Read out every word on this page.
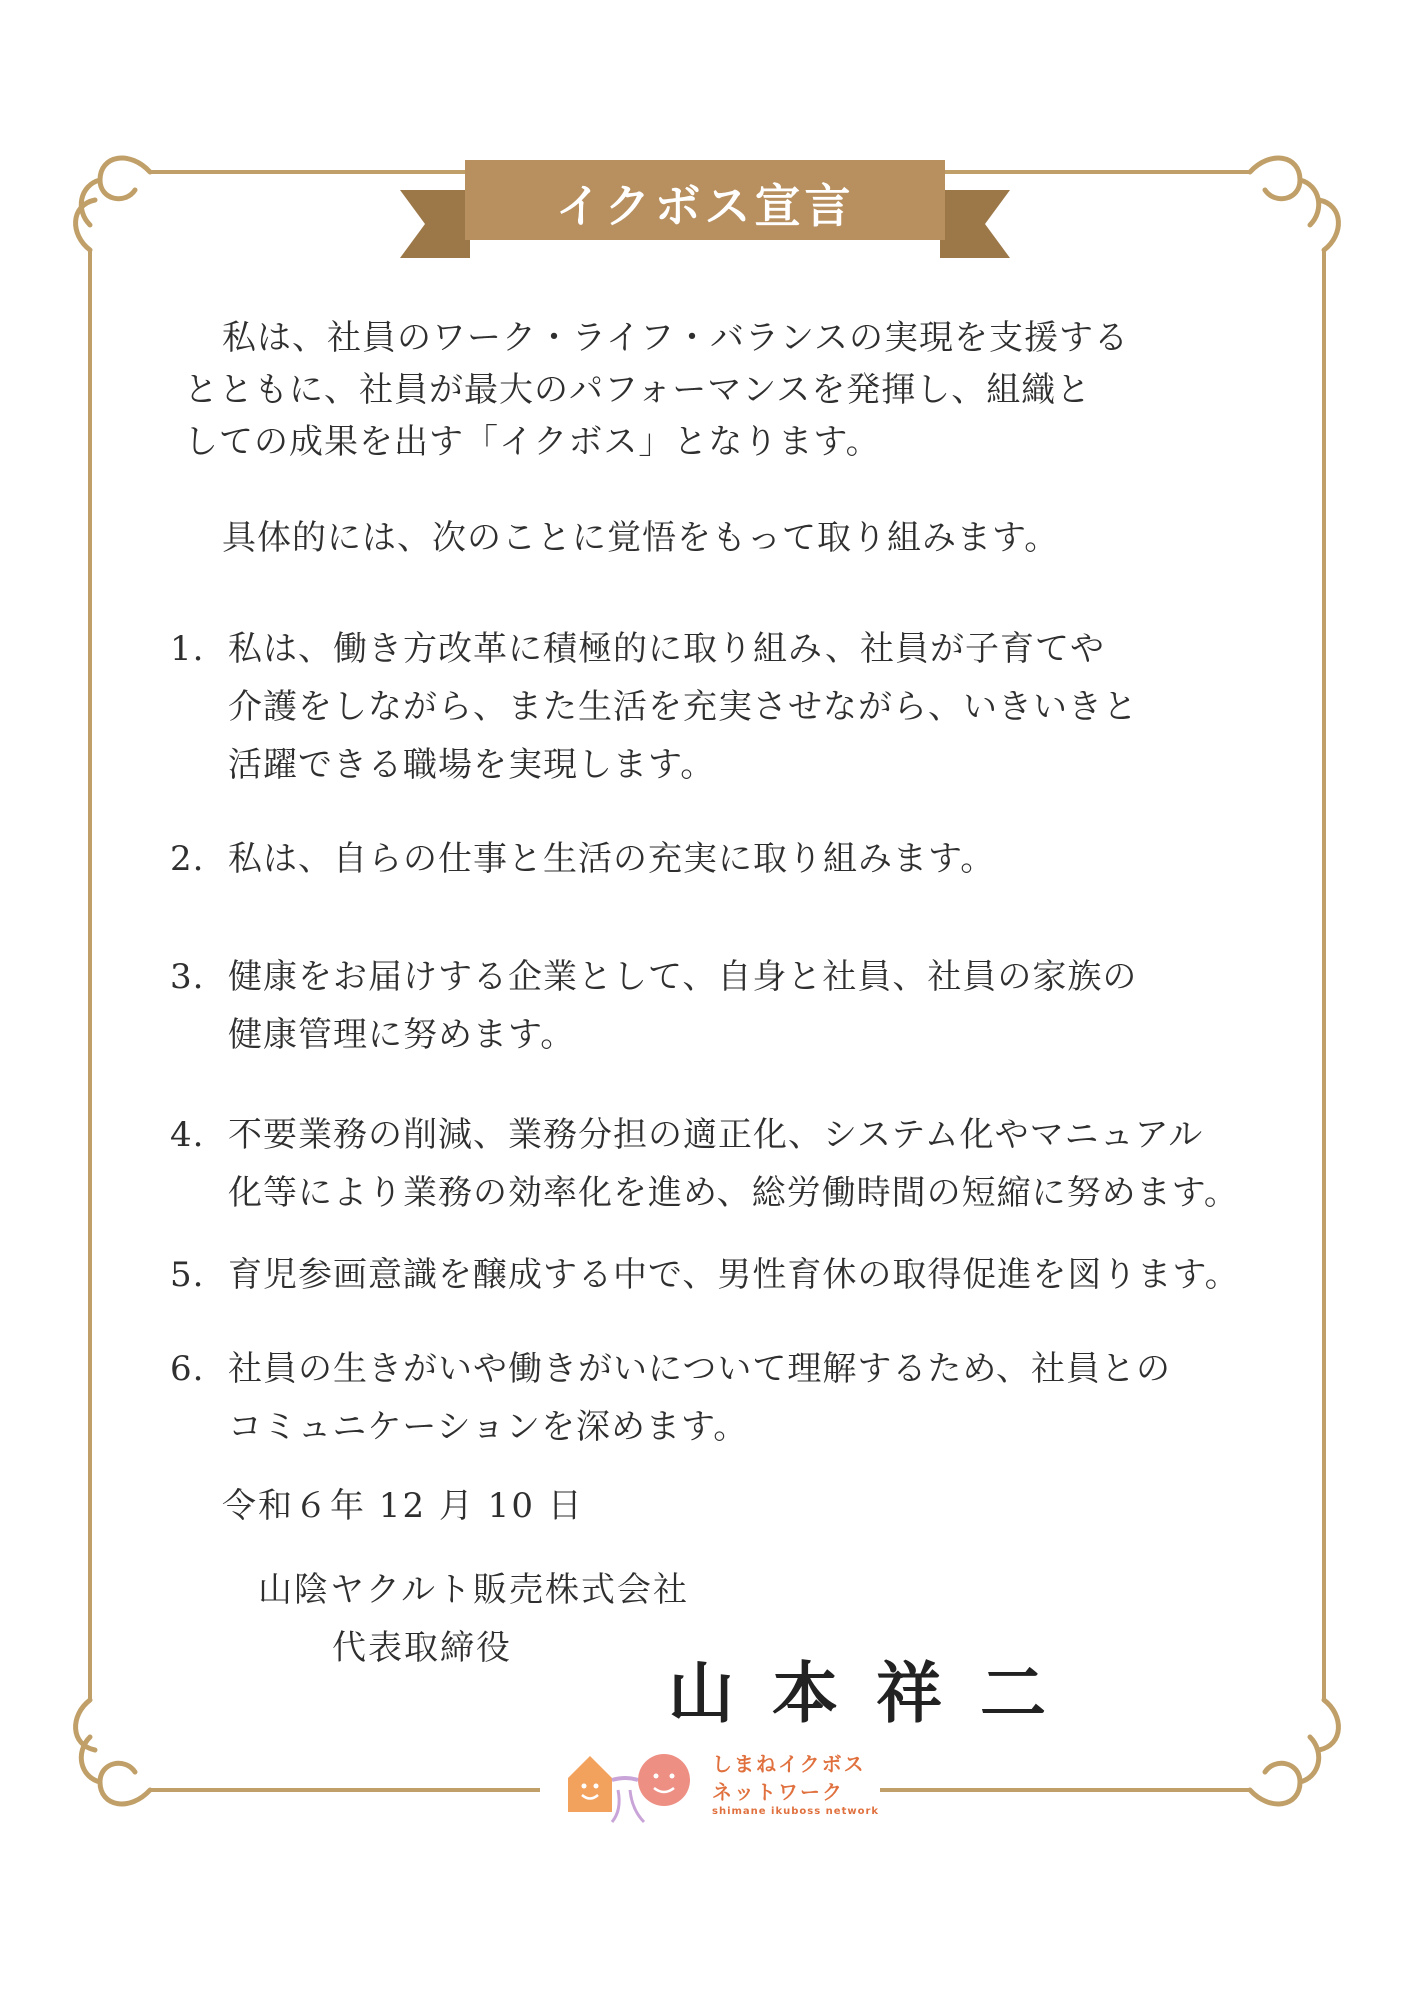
イクボス宣言
私は、社員のワーク・ライフ・バランスの実現を支援する
とともに、社員が最大のパフォーマンスを発揮し、組織と
しての成果を出す「イクボス」となります。
具体的には、次のことに覚悟をもって取り組みます。
1. 私は、働き方改革に積極的に取り組み、社員が子育てや
介護をしながら、また生活を充実させながら、いきいきと
活躍できる職場を実現します。
2. 私は、自らの仕事と生活の充実に取り組みます。
3. 健康をお届けする企業として、自身と社員、社員の家族の
健康管理に努めます。
4. 不要業務の削減、業務分担の適正化、システム化やマニュアル
化等により業務の効率化を進め、総労働時間の短縮に努めます。
5. 育児参画意識を醸成する中で、男性育休の取得促進を図ります。
6. 社員の生きがいや働きがいについて理解するため、社員との
コミュニケーションを深めます。
令和６年 12 月 10 日
山陰ヤクルト販売株式会社
代表取締役
山本祥二
しまねイクボス
ネットワーク
shimane ikuboss network
